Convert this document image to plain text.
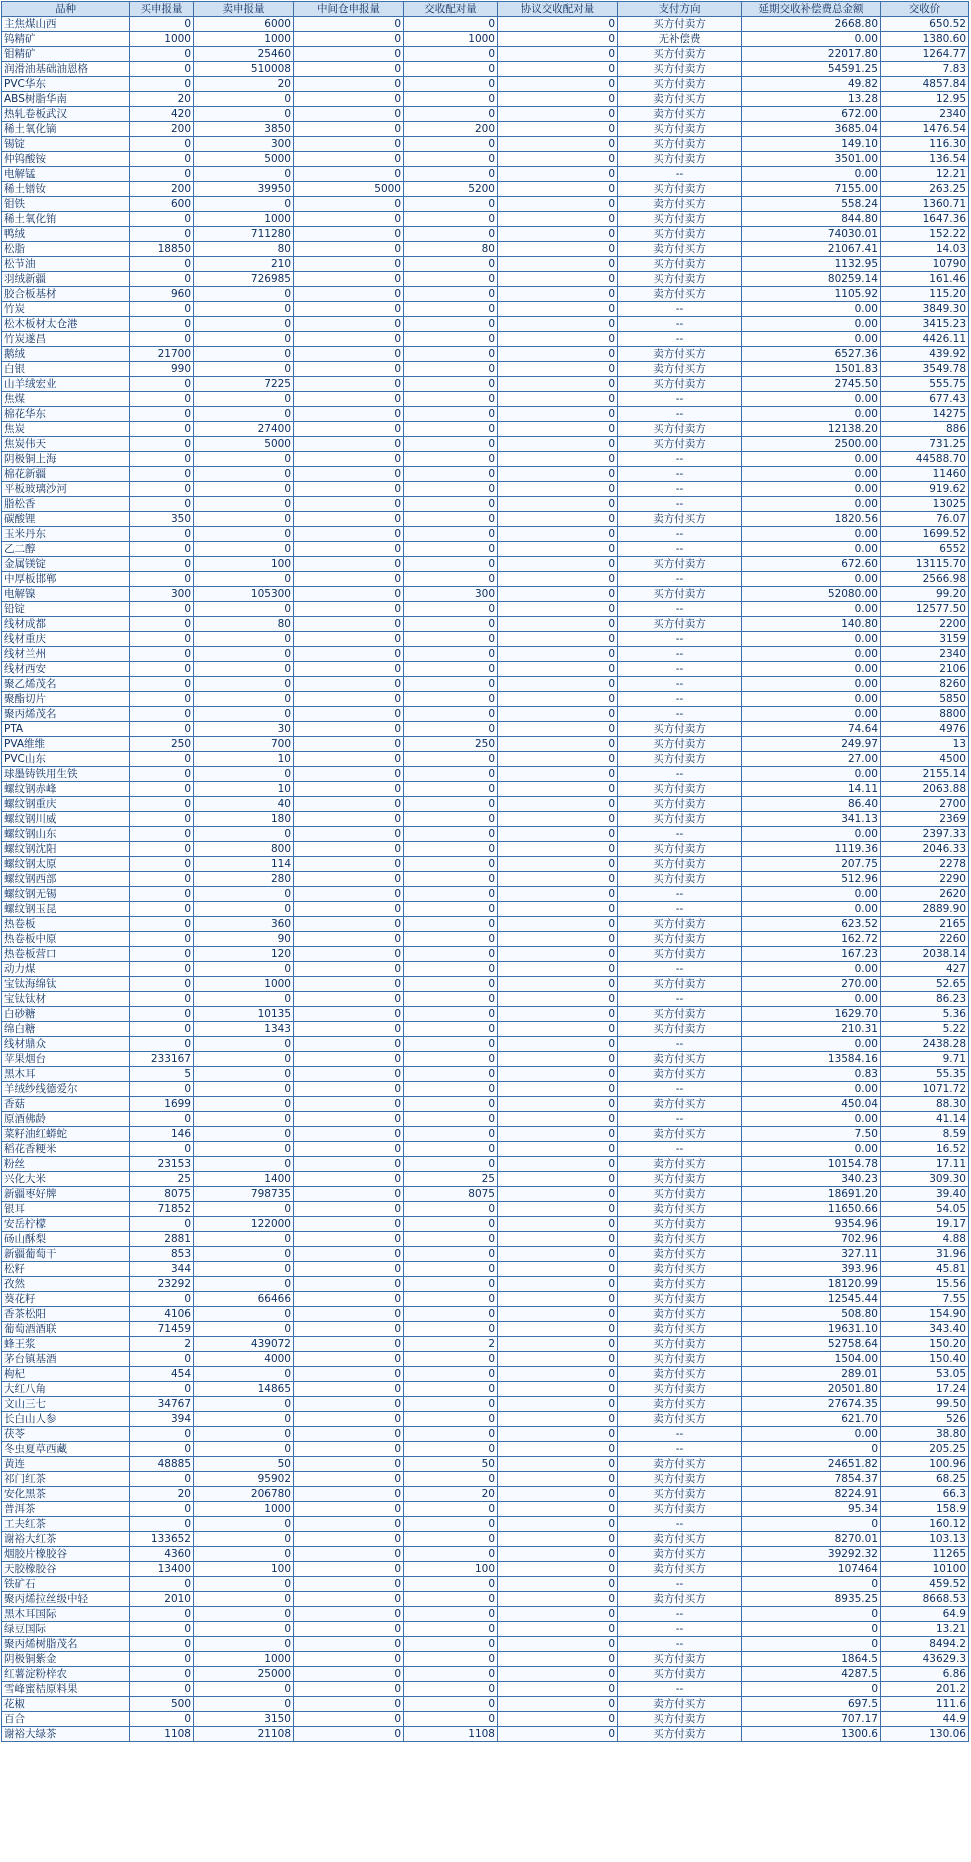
品种	买申报量	卖申报量	中间仓申报量	交收配对量	协议交收配对量	支付方向	延期交收补偿费总金额	交收价
主焦煤山西	0	6000	0	0	0	买方付卖方	2668.80	650.52
钨精矿	1000	1000	0	1000	0	无补偿费	0.00	1380.60
钼精矿	0	25460	0	0	0	买方付卖方	22017.80	1264.77
润滑油基础油恩格	0	510008	0	0	0	买方付卖方	54591.25	7.83
PVC华东	0	20	0	0	0	买方付卖方	49.82	4857.84
ABS树脂华南	20	0	0	0	0	卖方付买方	13.28	12.95
热轧卷板武汉	420	0	0	0	0	卖方付买方	672.00	2340
稀土氧化镝	200	3850	0	200	0	买方付卖方	3685.04	1476.54
锡锭	0	300	0	0	0	买方付卖方	149.10	116.30
仲钨酸铵	0	5000	0	0	0	买方付卖方	3501.00	136.54
电解锰	0	0	0	0	0	--	0.00	12.21
稀土镨钕	200	39950	5000	5200	0	买方付卖方	7155.00	263.25
钼铁	600	0	0	0	0	卖方付买方	558.24	1360.71
稀土氧化铕	0	1000	0	0	0	买方付卖方	844.80	1647.36
鸭绒	0	711280	0	0	0	买方付卖方	74030.01	152.22
松脂	18850	80	0	80	0	卖方付买方	21067.41	14.03
松节油	0	210	0	0	0	买方付卖方	1132.95	10790
羽绒新疆	0	726985	0	0	0	买方付卖方	80259.14	161.46
胶合板基材	960	0	0	0	0	卖方付买方	1105.92	115.20
竹炭	0	0	0	0	0	--	0.00	3849.30
松木板材太仓港	0	0	0	0	0	--	0.00	3415.23
竹炭遂昌	0	0	0	0	0	--	0.00	4426.11
鹅绒	21700	0	0	0	0	卖方付买方	6527.36	439.92
白银	990	0	0	0	0	卖方付买方	1501.83	3549.78
山羊绒宏业	0	7225	0	0	0	买方付卖方	2745.50	555.75
焦煤	0	0	0	0	0	--	0.00	677.43
棉花华东	0	0	0	0	0	--	0.00	14275
焦炭	0	27400	0	0	0	买方付卖方	12138.20	886
焦炭伟天	0	5000	0	0	0	买方付卖方	2500.00	731.25
阴极铜上海	0	0	0	0	0	--	0.00	44588.70
棉花新疆	0	0	0	0	0	--	0.00	11460
平板玻璃沙河	0	0	0	0	0	--	0.00	919.62
脂松香	0	0	0	0	0	--	0.00	13025
碳酸锂	350	0	0	0	0	卖方付买方	1820.56	76.07
玉米丹东	0	0	0	0	0	--	0.00	1699.52
乙二醇	0	0	0	0	0	--	0.00	6552
金属镁锭	0	100	0	0	0	买方付卖方	672.60	13115.70
中厚板邯郸	0	0	0	0	0	--	0.00	2566.98
电解镍	300	105300	0	300	0	买方付卖方	52080.00	99.20
铅锭	0	0	0	0	0	--	0.00	12577.50
线材成都	0	80	0	0	0	买方付卖方	140.80	2200
线材重庆	0	0	0	0	0	--	0.00	3159
线材兰州	0	0	0	0	0	--	0.00	2340
线材西安	0	0	0	0	0	--	0.00	2106
聚乙烯茂名	0	0	0	0	0	--	0.00	8260
聚酯切片	0	0	0	0	0	--	0.00	5850
聚丙烯茂名	0	0	0	0	0	--	0.00	8800
PTA	0	30	0	0	0	买方付卖方	74.64	4976
PVA维维	250	700	0	250	0	买方付卖方	249.97	13
PVC山东	0	10	0	0	0	买方付卖方	27.00	4500
球墨铸铁用生铁	0	0	0	0	0	--	0.00	2155.14
螺纹钢赤峰	0	10	0	0	0	买方付卖方	14.11	2063.88
螺纹钢重庆	0	40	0	0	0	买方付卖方	86.40	2700
螺纹钢川威	0	180	0	0	0	买方付卖方	341.13	2369
螺纹钢山东	0	0	0	0	0	--	0.00	2397.33
螺纹钢沈阳	0	800	0	0	0	买方付卖方	1119.36	2046.33
螺纹钢太原	0	114	0	0	0	买方付卖方	207.75	2278
螺纹钢西部	0	280	0	0	0	买方付卖方	512.96	2290
螺纹钢无锡	0	0	0	0	0	--	0.00	2620
螺纹钢玉昆	0	0	0	0	0	--	0.00	2889.90
热卷板	0	360	0	0	0	买方付卖方	623.52	2165
热卷板中原	0	90	0	0	0	买方付卖方	162.72	2260
热卷板营口	0	120	0	0	0	买方付卖方	167.23	2038.14
动力煤	0	0	0	0	0	--	0.00	427
宝钛海绵钛	0	1000	0	0	0	买方付卖方	270.00	52.65
宝钛钛材	0	0	0	0	0	--	0.00	86.23
白砂糖	0	10135	0	0	0	买方付卖方	1629.70	5.36
绵白糖	0	1343	0	0	0	买方付卖方	210.31	5.22
线材鼎众	0	0	0	0	0	--	0.00	2438.28
苹果烟台	233167	0	0	0	0	卖方付买方	13584.16	9.71
黑木耳	5	0	0	0	0	卖方付买方	0.83	55.35
羊绒纱线德爱尔	0	0	0	0	0	--	0.00	1071.72
香菇	1699	0	0	0	0	卖方付买方	450.04	88.30
原酒佛龄	0	0	0	0	0	--	0.00	41.14
菜籽油红蟒蛇	146	0	0	0	0	卖方付买方	7.50	8.59
稻花香粳米	0	0	0	0	0	--	0.00	16.52
粉丝	23153	0	0	0	0	卖方付买方	10154.78	17.11
兴化大米	25	1400	0	25	0	买方付卖方	340.23	309.30
新疆枣好牌	8075	798735	0	8075	0	买方付卖方	18691.20	39.40
银耳	71852	0	0	0	0	卖方付买方	11650.66	54.05
安岳柠檬	0	122000	0	0	0	买方付卖方	9354.96	19.17
砀山酥梨	2881	0	0	0	0	卖方付买方	702.96	4.88
新疆葡萄干	853	0	0	0	0	卖方付买方	327.11	31.96
松籽	344	0	0	0	0	卖方付买方	393.96	45.81
孜然	23292	0	0	0	0	卖方付买方	18120.99	15.56
葵花籽	0	66466	0	0	0	买方付卖方	12545.44	7.55
香茶松阳	4106	0	0	0	0	卖方付买方	508.80	154.90
葡萄酒酒联	71459	0	0	0	0	卖方付买方	19631.10	343.40
蜂王浆	2	439072	0	2	0	买方付卖方	52758.64	150.20
茅台镇基酒	0	4000	0	0	0	买方付卖方	1504.00	150.40
枸杞	454	0	0	0	0	卖方付买方	289.01	53.05
大红八角	0	14865	0	0	0	买方付卖方	20501.80	17.24
文山三七	34767	0	0	0	0	卖方付买方	27674.35	99.50
长白山人参	394	0	0	0	0	卖方付买方	621.70	526
茯苓	0	0	0	0	0	--	0.00	38.80
冬虫夏草西藏	0	0	0	0	0	--	0	205.25
黄连	48885	50	0	50	0	卖方付买方	24651.82	100.96
祁门红茶	0	95902	0	0	0	买方付卖方	7854.37	68.25
安化黑茶	20	206780	0	20	0	买方付卖方	8224.91	66.3
普洱茶	0	1000	0	0	0	买方付卖方	95.34	158.9
工夫红茶	0	0	0	0	0	--	0	160.12
谢裕大红茶	133652	0	0	0	0	卖方付买方	8270.01	103.13
烟胶片橡胶谷	4360	0	0	0	0	卖方付买方	39292.32	11265
天胶橡胶谷	13400	100	0	100	0	卖方付买方	107464	10100
铁矿石	0	0	0	0	0	--	0	459.52
聚丙烯拉丝级中轻	2010	0	0	0	0	卖方付买方	8935.25	8668.53
黑木耳国际	0	0	0	0	0	--	0	64.9
绿豆国际	0	0	0	0	0	--	0	13.21
聚丙烯树脂茂名	0	0	0	0	0	--	0	8494.2
阴极铜紫金	0	1000	0	0	0	买方付卖方	1864.5	43629.3
红薯淀粉梓农	0	25000	0	0	0	买方付卖方	4287.5	6.86
雪峰蜜桔原料果	0	0	0	0	0	--	0	201.2
花椒	500	0	0	0	0	卖方付买方	697.5	111.6
百合	0	3150	0	0	0	买方付卖方	707.17	44.9
谢裕大绿茶	1108	21108	0	1108	0	买方付卖方	1300.6	130.06
